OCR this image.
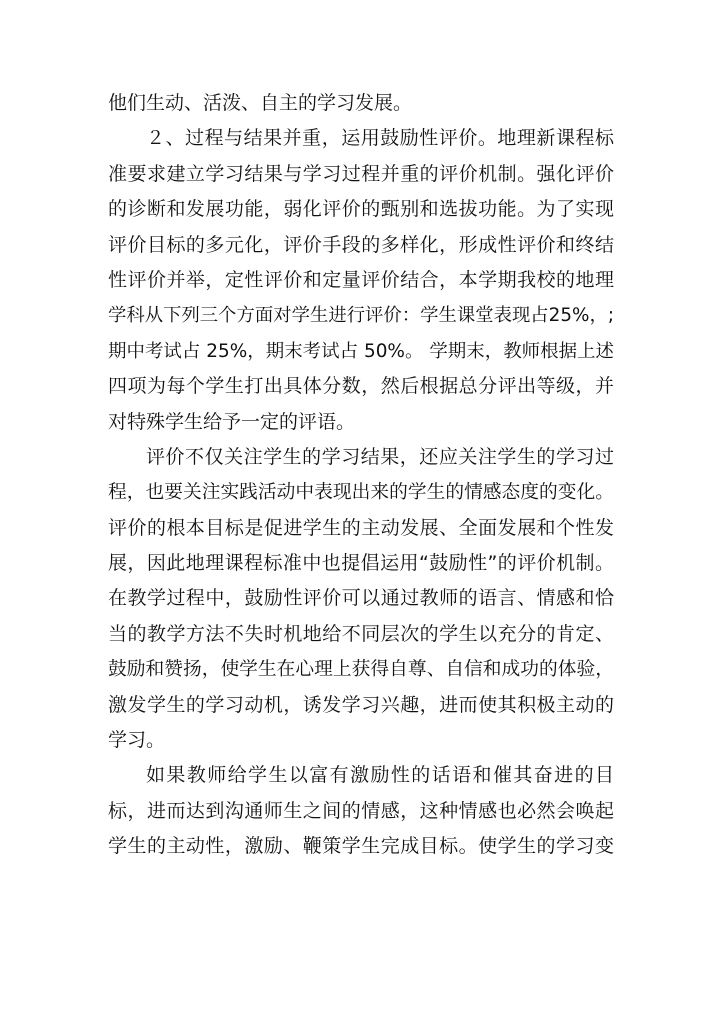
他们生动、活泼、自主的学习发展。
２、过程与结果并重，运用鼓励性评价。地理新课程标
准要求建立学习结果与学习过程并重的评价机制。强化评价
的诊断和发展功能，弱化评价的甄别和选拔功能。为了实现
评价目标的多元化，评价手段的多样化，形成性评价和终结
性评价并举，定性评价和定量评价结合，本学期我校的地理
学科从下列三个方面对学生进行评价：学生课堂表现占25%，;
期中考试占 25%，期末考试占 50%。 学期末，教师根据上述
四项为每个学生打出具体分数，然后根据总分评出等级，并
对特殊学生给予一定的评语。
评价不仅关注学生的学习结果，还应关注学生的学习过
程，也要关注实践活动中表现出来的学生的情感态度的变化。
评价的根本目标是促进学生的主动发展、全面发展和个性发
展，因此地理课程标准中也提倡运用“鼓励性”的评价机制。
在教学过程中，鼓励性评价可以通过教师的语言、情感和恰
当的教学方法不失时机地给不同层次的学生以充分的肯定、
鼓励和赞扬，使学生在心理上获得自尊、自信和成功的体验，
激发学生的学习动机，诱发学习兴趣，进而使其积极主动的
学习。
如果教师给学生以富有激励性的话语和催其奋进的目
标，进而达到沟通师生之间的情感，这种情感也必然会唤起
学生的主动性，激励、鞭策学生完成目标。使学生的学习变
